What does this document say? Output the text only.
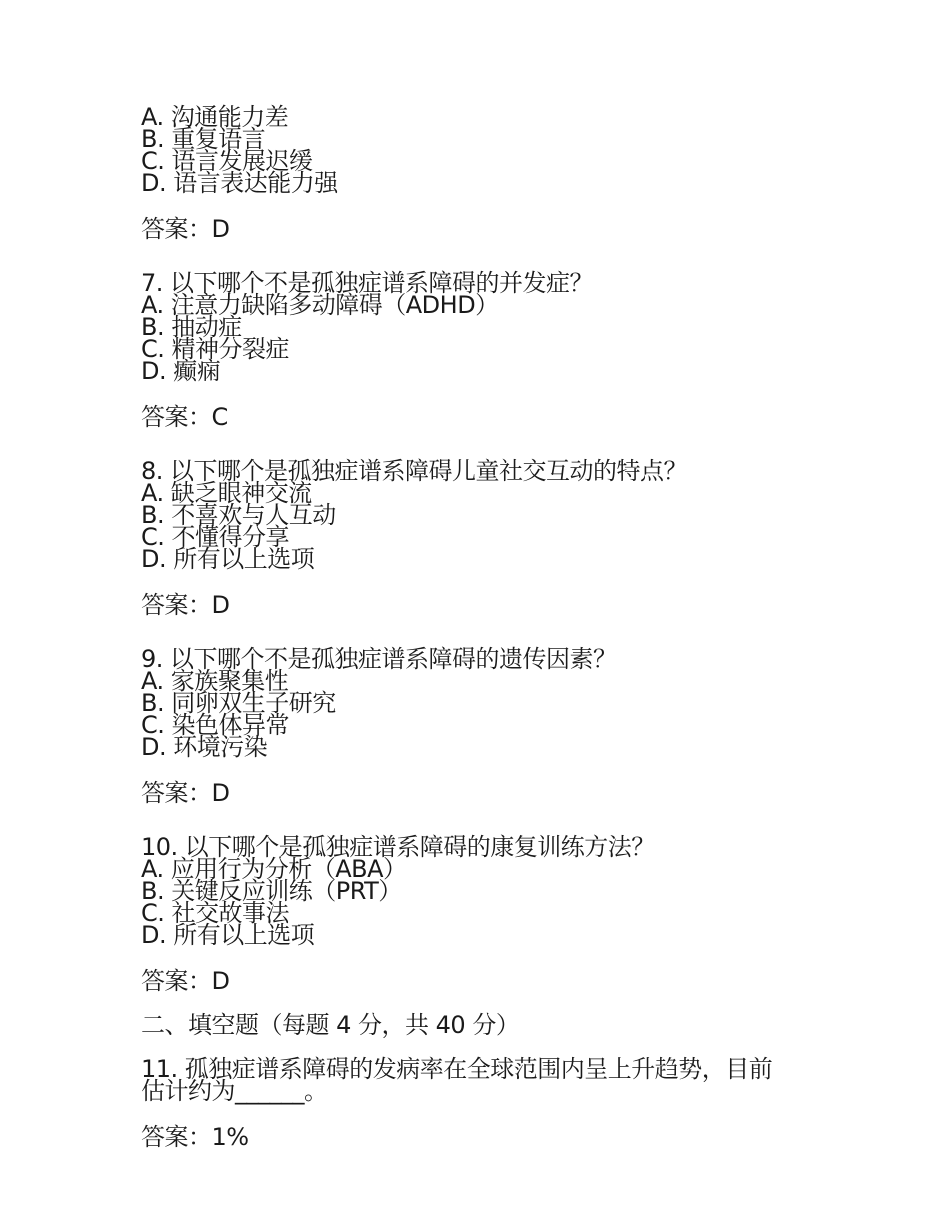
A. 沟通能力差
B. 重复语言
C. 语言发展迟缓
D. 语言表达能力强
答案：D
7. 以下哪个不是孤独症谱系障碍的并发症？
A. 注意力缺陷多动障碍（ADHD）
B. 抽动症
C. 精神分裂症
D. 癫痫
答案：C
8. 以下哪个是孤独症谱系障碍儿童社交互动的特点？
A. 缺乏眼神交流
B. 不喜欢与人互动
C. 不懂得分享
D. 所有以上选项
答案：D
9. 以下哪个不是孤独症谱系障碍的遗传因素？
A. 家族聚集性
B. 同卵双生子研究
C. 染色体异常
D. 环境污染
答案：D
10. 以下哪个是孤独症谱系障碍的康复训练方法？
A. 应用行为分析（ABA）
B. 关键反应训练（PRT）
C. 社交故事法
D. 所有以上选项
答案：D
二、填空题（每题 4 分，共 40 分）
11. 孤独症谱系障碍的发病率在全球范围内呈上升趋势，目前
估计约为______。
答案：1%
